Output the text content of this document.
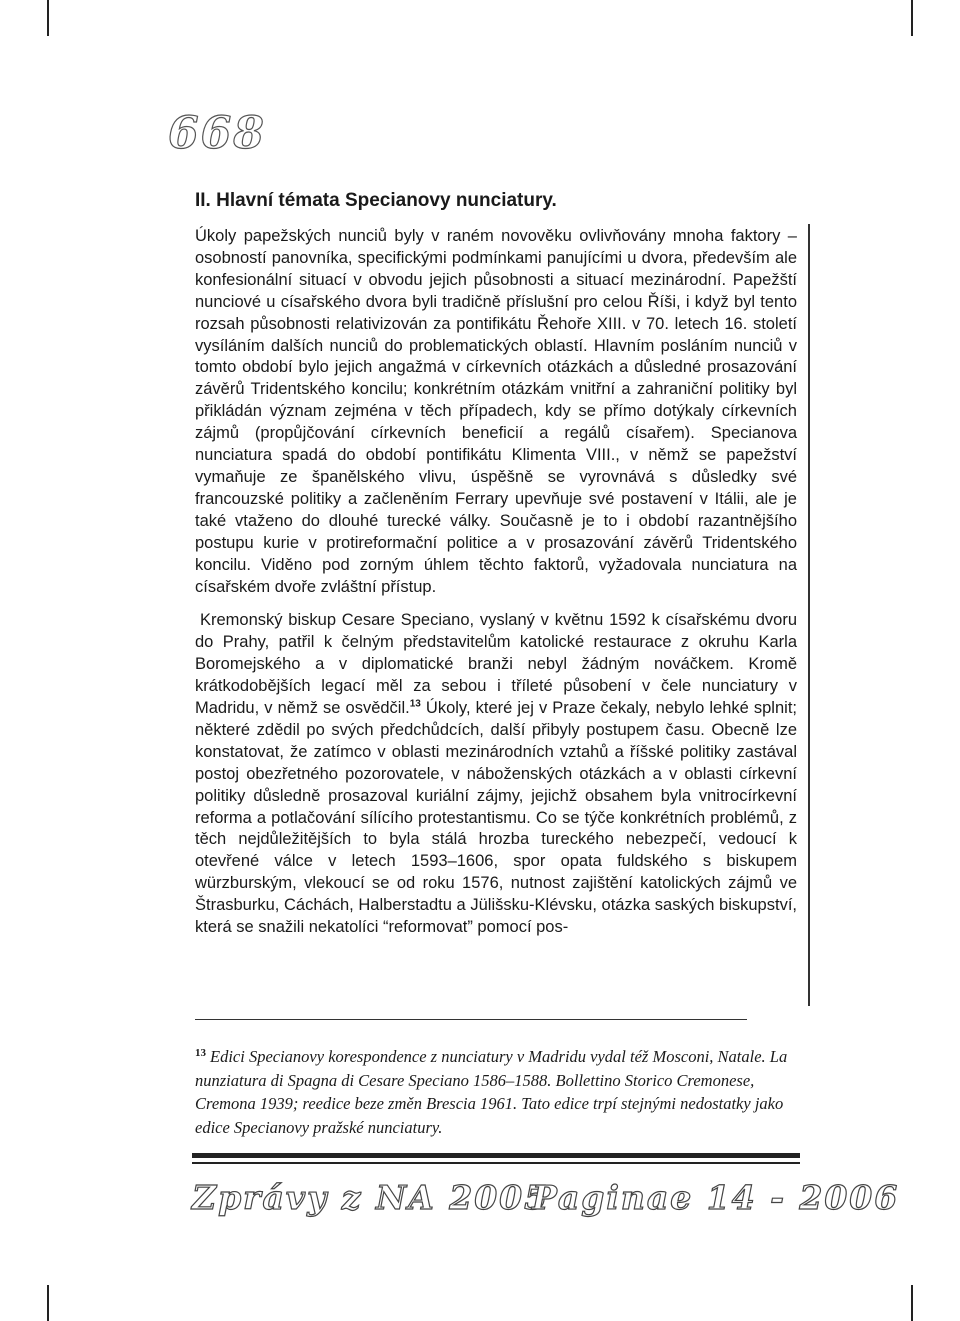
668
II. Hlavní témata Specianovy nunciatury.

Úkoly papežských nunciů byly v raném novověku ovlivňovány mnoha faktory – osobností panovníka, specifickými podmínkami panujícími u dvora, především ale konfesionální situací v obvodu jejich působnosti a situací mezinárodní. Papežští nunciové u císařského dvora byli tradičně příslušní pro celou Říši, i když byl tento rozsah působnosti relativizován za pontifikátu Řehoře XIII. v 70. letech 16. století vysíláním dalších nunciů do problematických oblastí. Hlavním posláním nunciů v tomto období bylo jejich angažmá v církevních otázkách a důsledné prosazování závěrů Tridentského koncilu; konkrétním otázkám vnitřní a zahraniční politiky byl přikládán význam zejména v těch případech, kdy se přímo dotýkaly církevních zájmů (propůjčování církevních beneficií a regálů císařem). Specianova nunciatura spadá do období pontifikátu Klimenta VIII., v němž se papežství vymaňuje ze španělského vlivu, úspěšně se vyrovnává s důsledky své francouzské politiky a začleněním Ferrary upevňuje své postavení v Itálii, ale je také vtaženo do dlouhé turecké války. Současně je to i období razantnějšího postupu kurie v protireformační politice a v prosazování závěrů Tridentského koncilu. Viděno pod zorným úhlem těchto faktorů, vyžadovala nunciatura na císařském dvoře zvláštní přístup.

Kremonský biskup Cesare Speciano, vyslaný v květnu 1592 k císařskému dvoru do Prahy, patřil k čelným představitelům katolické restaurace z okruhu Karla Boromejského a v diplomatické branži nebyl žádným nováčkem. Kromě krátkodobějších legací měl za sebou i tříleté působení v čele nunciatury v Madridu, v němž se osvědčil.$^{13}$ Úkoly, které jej v Praze čekaly, nebylo lehké splnit; některé zdědil po svých předchůdcích, další přibyly postupem času. Obecně lze konstatovat, že zatímco v oblasti mezinárodních vztahů a říšské politiky zastával postoj obezřetného pozorovatele, v náboženských otázkách a v oblasti církevní politiky důsledně prosazoval kuriální zájmy, jejichž obsahem byla vnitrocírkevní reforma a potlačování sílícího protestantismu. Co se týče konkrétních problémů, z těch nejdůležitějších to byla stálá hrozba tureckého nebezpečí, vedoucí k otevřené válce v letech 1593–1606, spor opata fuldského s biskupem würzburským, vlekoucí se od roku 1576, nutnost zajištění katolických zájmů ve Štrasburku, Cáchách, Halberstadtu a Jülišsku-Klévsku, otázka saských biskupství, která se snažili nekatolíci “reformovat” pomocí pos-

$^{13}$ Edici Specianovy korespondence z nunciatury v Madridu vydal též Mosconi, Natale. La nunziatura di Spagna di Cesare Speciano 1586–1588. Bollettino Storico Cremonese, Cremona 1939; reedice beze změn Brescia 1961. Tato edice trpí stejnými nedostatky jako edice Specianovy pražské nunciatury.
Zprávy z NA 2005
Paginae 14 - 2006
